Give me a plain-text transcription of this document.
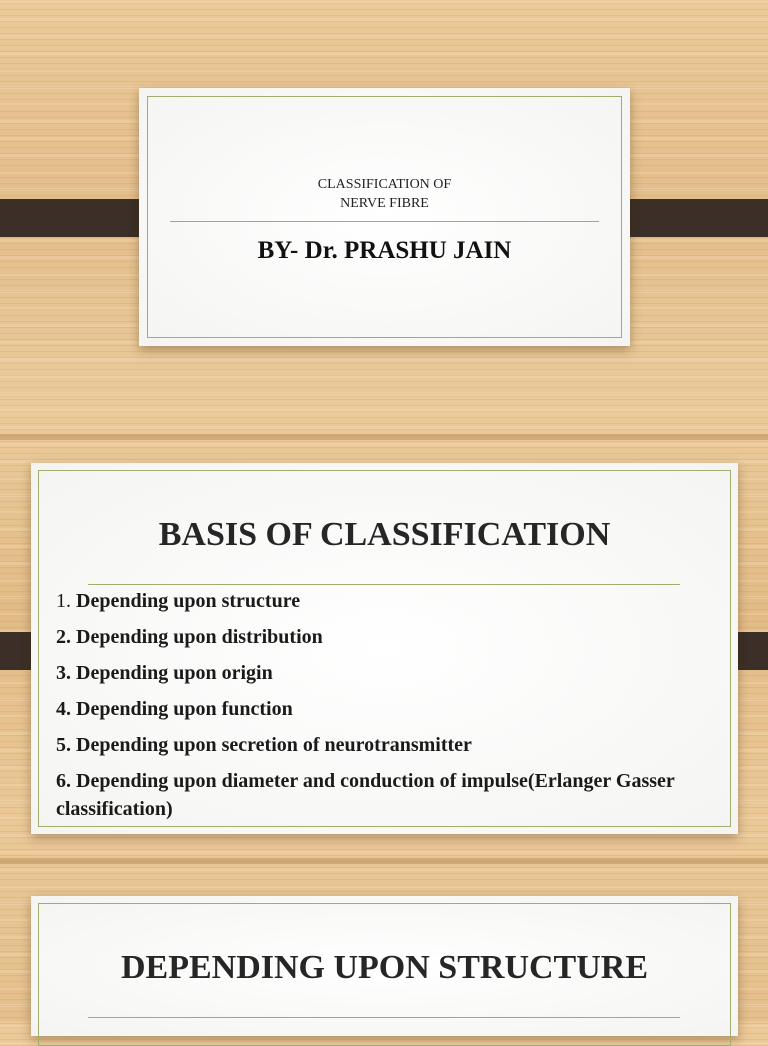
CLASSIFICATION OF
NERVE FIBRE
BY- Dr. PRASHU JAIN
BASIS OF CLASSIFICATION
1. Depending upon structure
2. Depending upon distribution
3. Depending upon origin
4. Depending upon function
5. Depending upon secretion of neurotransmitter
6. Depending upon diameter and conduction of impulse(Erlanger Gasser classification)
DEPENDING UPON STRUCTURE
